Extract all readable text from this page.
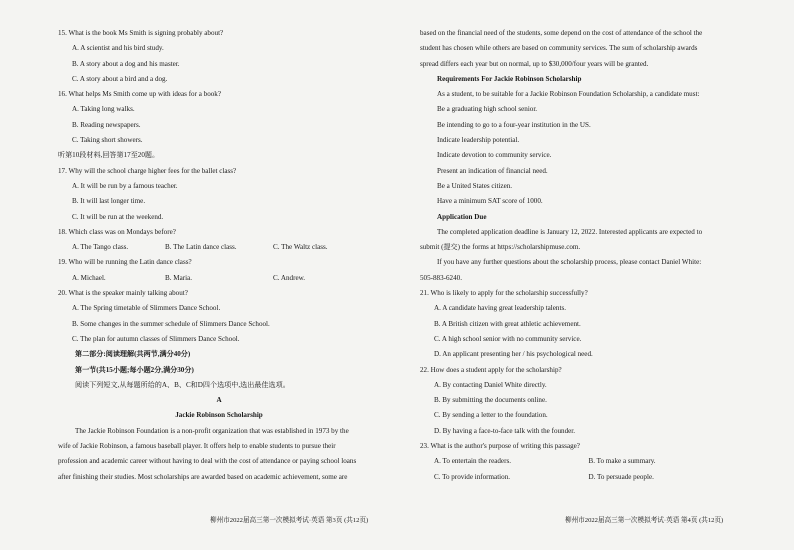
15. What is the book Ms Smith is signing probably about?
A. A scientist and his bird study.
B. A story about a dog and his master.
C. A story about a bird and a dog.
16. What helps Ms Smith come up with ideas for a book?
A. Taking long walks.
B. Reading newspapers.
C. Taking short showers.
听第10段材料,回答第17至20题。
17. Why will the school charge higher fees for the ballet class?
A. It will be run by a famous teacher.
B. It will last longer time.
C. It will be run at the weekend.
18. Which class was on Mondays before?
A. The Tango class.	B. The Latin dance class.	C. The Waltz class.
19. Who will be running the Latin dance class?
A. Michael.	B. Maria.	C. Andrew.
20. What is the speaker mainly talking about?
A. The Spring timetable of Slimmers Dance School.
B. Some changes in the summer schedule of Slimmers Dance School.
C. The plan for autumn classes of Slimmers Dance School.
第二部分:阅读理解(共两节,满分40分)
第一节(共15小题;每小题2分,满分30分)
阅读下列短文,从每题所给的A、B、C和D四个选项中,选出最佳选项。
A
Jackie Robinson Scholarship
The Jackie Robinson Foundation is a non-profit organization that was established in 1973 by the
wife of Jackie Robinson, a famous baseball player. It offers help to enable students to pursue their
profession and academic career without having to deal with the cost of attendance or paying school loans
after finishing their studies. Most scholarships are awarded based on academic achievement, some are
柳州市2022届高三第一次模拟考试·英语 第3页 (共12页)
based on the financial need of the students, some depend on the cost of attendance of the school the
student has chosen while others are based on community services. The sum of scholarship awards
spread differs each year but on normal, up to $30,000/four years will be granted.
Requirements For Jackie Robinson Scholarship
As a student, to be suitable for a Jackie Robinson Foundation Scholarship, a candidate must:
Be a graduating high school senior.
Be intending to go to a four-year institution in the US.
Indicate leadership potential.
Indicate devotion to community service.
Present an indication of financial need.
Be a United States citizen.
Have a minimum SAT score of 1000.
Application Due
The completed application deadline is January 12, 2022. Interested applicants are expected to
submit (提交) the forms at https://scholarshipmuse.com.
If you have any further questions about the scholarship process, please contact Daniel White:
505-883-6240.
21. Who is likely to apply for the scholarship successfully?
A. A candidate having great leadership talents.
B. A British citizen with great athletic achievement.
C. A high school senior with no community service.
D. An applicant presenting her / his psychological need.
22. How does a student apply for the scholarship?
A. By contacting Daniel White directly.
B. By submitting the documents online.
C. By sending a letter to the foundation.
D. By having a face-to-face talk with the founder.
23. What is the author's purpose of writing this passage?
A. To entertain the readers.	B. To make a summary.
C. To provide information.	D. To persuade people.
柳州市2022届高三第一次模拟考试·英语 第4页 (共12页)
